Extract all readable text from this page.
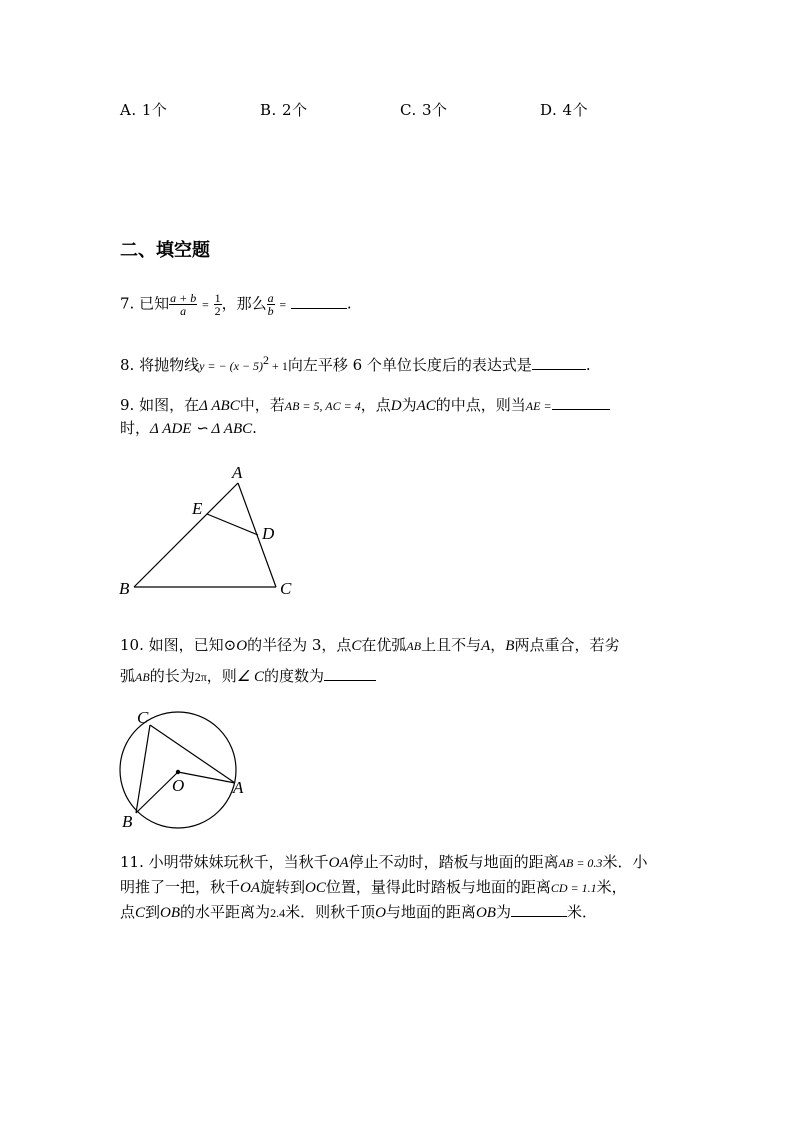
A. 1个	B. 2个	C. 3个	D. 4个
二、填空题
7. 已知 $\frac{a + b}{a} = \frac{1}{2}$ ，那么 $\frac{a}{b}$ =	.
8. 将抛物线y = − $(x - 5)^2 + 1$向左平移 6 个单位长度后的表达式是	.
9. 如图，在Δ ABC中，若AB = 5, AC = 4，点D为AC的中点，则当AE =
时，Δ ADE ∽ Δ ABC.
A
E
D
B	C
10. 如图，已知⊙O的半径为 3，点C在优弧AB上且不与A，B两点重合，若劣
弧AB的长为2π，则∠ C的度数为
C
O	A
B
11. 小明带妹妹玩秋千，当秋千OA停止不动时，踏板与地面的距离AB = 0.3米．小
明推了一把，秋千OA旋转到OC位置，量得此时踏板与地面的距离CD = 1.1米，
点C到OB的水平距离为2.4米．则秋千顶O与地面的距离OB为	米．
